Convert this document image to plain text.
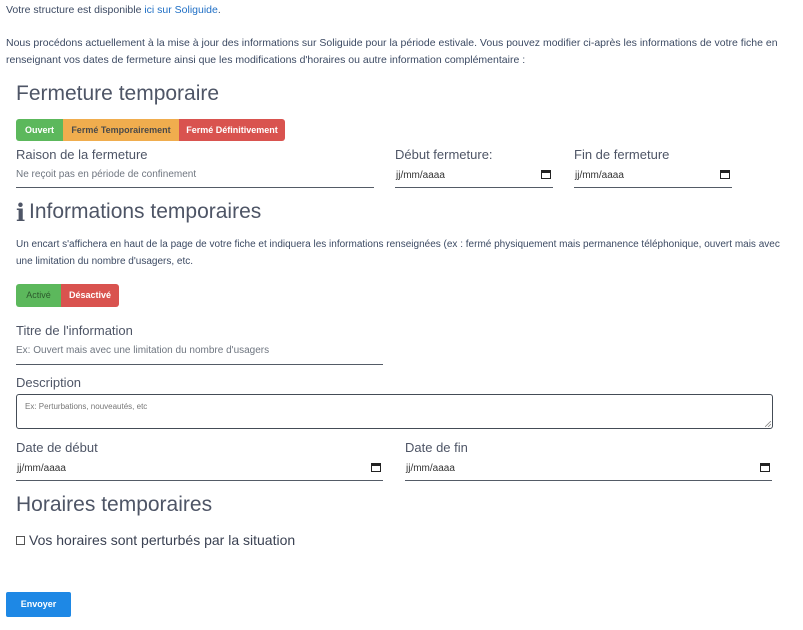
Votre structure est disponible ici sur Soliguide.
Nous procédons actuellement à la mise à jour des informations sur Soliguide pour la période estivale. Vous pouvez modifier ci-après les informations de votre fiche en renseignant vos dates de fermeture ainsi que les modifications d'horaires ou autre information complémentaire :
Fermeture temporaire
Ouvert	Fermé Temporairement	Fermé Définitivement
Raison de la fermeture
Ne reçoit pas en période de confinement
Début fermeture:
jj/mm/aaaa
Fin de fermeture
jj/mm/aaaa
i Informations temporaires
Un encart s'affichera en haut de la page de votre fiche et indiquera les informations renseignées (ex : fermé physiquement mais permanence téléphonique, ouvert mais avec une limitation du nombre d'usagers, etc.
Activé	Désactivé
Titre de l'information
Ex: Ouvert mais avec une limitation du nombre d'usagers
Description
Ex: Perturbations, nouveautés, etc
Date de début
jj/mm/aaaa
Date de fin
jj/mm/aaaa
Horaires temporaires
Vos horaires sont perturbés par la situation
Envoyer
